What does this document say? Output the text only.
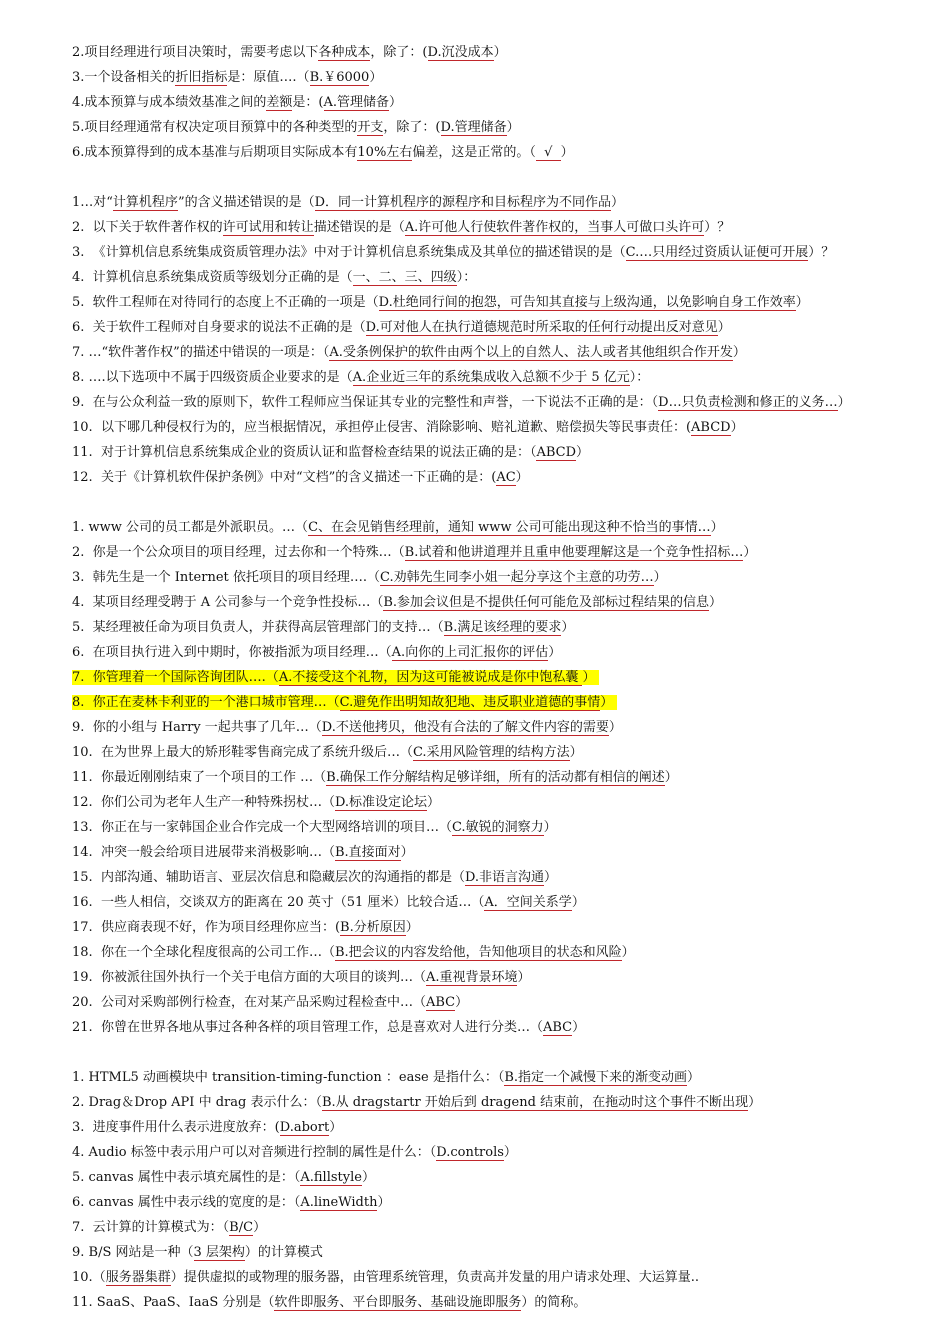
2.项目经理进行项目决策时，需要考虑以下各种成本，除了：(D.沉没成本）
3.一个设备相关的折旧指标是：原值….（B.￥6000）
4.成本预算与成本绩效基准之间的差额是：(A.管理储备）
5.项目经理通常有权决定项目预算中的各种类型的开支，除了：(D.管理储备）
6.成本预算得到的成本基准与后期项目实际成本有10%左右偏差，这是正常的。（  √  ）
1…对“计算机程序”的含义描述错误的是（D．同一计算机程序的源程序和目标程序为不同作品）
2.  以下关于软件著作权的许可试用和转让描述错误的是（A.许可他人行使软件著作权的，当事人可做口头许可）？
3.  《计算机信息系统集成资质管理办法》中对于计算机信息系统集成及其单位的描述错误的是（C.…只用经过资质认证便可开展）？
4.  计算机信息系统集成资质等级划分正确的是（一、二、三、四级）：
5.  软件工程师在对待同行的态度上不正确的一项是（D.杜绝同行间的抱怨，可告知其直接与上级沟通，以免影响自身工作效率）
6.  关于软件工程师对自身要求的说法不正确的是（D.可对他人在执行道德规范时所采取的任何行动提出反对意见）
7. …“软件著作权”的描述中错误的一项是：（A.受条例保护的软件由两个以上的自然人、法人或者其他组织合作开发）
8. ….以下选项中不属于四级资质企业要求的是（A.企业近三年的系统集成收入总额不少于 5 亿元）：
9.  在与公众利益一致的原则下，软件工程师应当保证其专业的完整性和声誉，一下说法不正确的是：（D…只负责检测和修正的义务…）
10.  以下哪几种侵权行为的，应当根据情况，承担停止侵害、消除影响、赔礼道歉、赔偿损失等民事责任：(ABCD）
11.  对于计算机信息系统集成企业的资质认证和监督检查结果的说法正确的是：（ABCD）
12.  关于《计算机软件保护条例》中对“文档”的含义描述一下正确的是：(AC）
1. www 公司的员工都是外派职员。…（C、在会见销售经理前，通知 www 公司可能出现这种不恰当的事情…）
2.  你是一个公众项目的项目经理，过去你和一个特殊…（B.试着和他讲道理并且重申他要理解这是一个竞争性招标…）
3.  韩先生是一个 Internet 依托项目的项目经理….（C.劝韩先生同李小姐一起分享这个主意的功劳…）
4.  某项目经理受聘于 A 公司参与一个竞争性投标…（B.参加会议但是不提供任何可能危及部标过程结果的信息）
5.  某经理被任命为项目负责人，并获得高层管理部门的支持…（B.满足该经理的要求）
6.  在项目执行进入到中期时，你被指派为项目经理…（A.向你的上司汇报你的评估）
7.  你管理着一个国际咨询团队….（A.不接受这个礼物，因为这可能被说成是你中饱私囊 ）
8.  你正在麦林卡利亚的一个港口城市管理…（C.避免作出明知故犯地、违反职业道德的事情）
9.  你的小组与 Harry 一起共事了几年…（D.不送他拷贝，他没有合法的了解文件内容的需要）
10.  在为世界上最大的矫形鞋零售商完成了系统升级后…（C.采用风险管理的结构方法）
11.  你最近刚刚结束了一个项目的工作 …（B.确保工作分解结构足够详细，所有的活动都有相信的阐述）
12.  你们公司为老年人生产一种特殊拐杖…（D.标准设定论坛）
13.  你正在与一家韩国企业合作完成一个大型网络培训的项目…（C.敏锐的洞察力）
14.  冲突一般会给项目进展带来消极影响…（B.直接面对）
15.  内部沟通、辅助语言、亚层次信息和隐藏层次的沟通指的都是（D.非语言沟通）
16.  一些人相信，交谈双方的距离在 20 英寸（51 厘米）比较合适…（A．空间关系学）
17.  供应商表现不好，作为项目经理你应当：(B.分析原因）
18.  你在一个全球化程度很高的公司工作…（B.把会议的内容发给他，告知他项目的状态和风险）
19.  你被派往国外执行一个关于电信方面的大项目的谈判…（A.重视背景环境）
20.  公司对采购部例行检查，在对某产品采购过程检查中…（ABC）
21.  你曾在世界各地从事过各种各样的项目管理工作，总是喜欢对人进行分类…（ABC）
1. HTML5 动画模块中 transition-timing-function ：ease 是指什么：（B.指定一个减慢下来的渐变动画）
2. Drag＆Drop API 中 drag 表示什么：（B.从 dragstartr 开始后到 dragend 结束前，在拖动时这个事件不断出现）
3.  进度事件用什么表示进度放弃：(D.abort）
4. Audio 标签中表示用户可以对音频进行控制的属性是什么：（D.controls）
5. canvas 属性中表示填充属性的是：（A.fillstyle）
6. canvas 属性中表示线的宽度的是：（A.lineWidth）
7.  云计算的计算模式为：（B/C）
9. B/S 网站是一种（3 层架构）的计算模式
10.（服务器集群）提供虚拟的或物理的服务器，由管理系统管理，负责高并发量的用户请求处理、大运算量..
11. SaaS、PaaS、IaaS 分别是（软件即服务、平台即服务、基础设施即服务）的简称。
